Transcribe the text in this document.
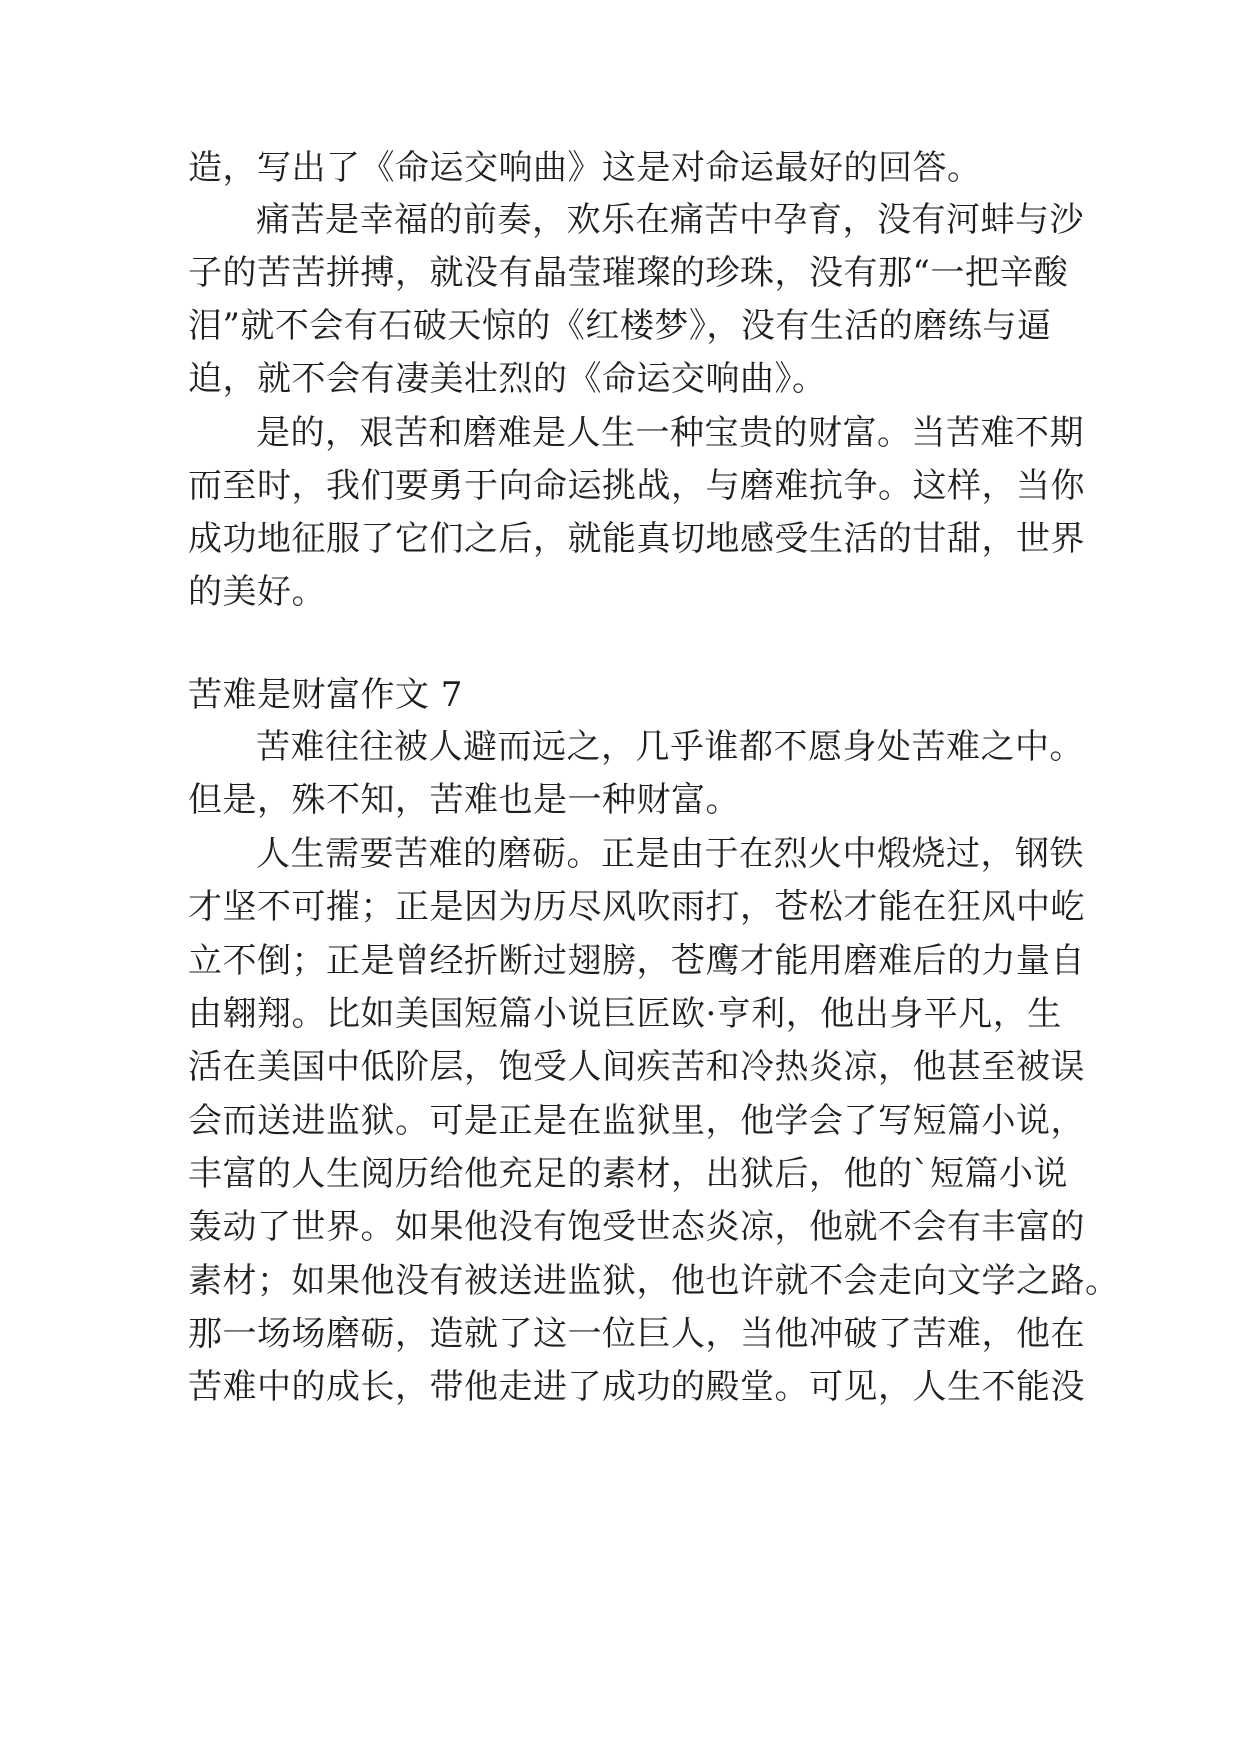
造，写出了《命运交响曲》这是对命运最好的回答。
痛苦是幸福的前奏，欢乐在痛苦中孕育，没有河蚌与沙
子的苦苦拼搏，就没有晶莹璀璨的珍珠，没有那“一把辛酸
泪”就不会有石破天惊的《红楼梦》，没有生活的磨练与逼
迫，就不会有凄美壮烈的《命运交响曲》。
是的，艰苦和磨难是人生一种宝贵的财富。当苦难不期
而至时，我们要勇于向命运挑战，与磨难抗争。这样，当你
成功地征服了它们之后，就能真切地感受生活的甘甜，世界
的美好。
苦难是财富作文 7
苦难往往被人避而远之，几乎谁都不愿身处苦难之中。
但是，殊不知，苦难也是一种财富。
人生需要苦难的磨砺。正是由于在烈火中煅烧过，钢铁
才坚不可摧；正是因为历尽风吹雨打，苍松才能在狂风中屹
立不倒；正是曾经折断过翅膀，苍鹰才能用磨难后的力量自
由翱翔。比如美国短篇小说巨匠欧·亨利，他出身平凡，生
活在美国中低阶层，饱受人间疾苦和冷热炎凉，他甚至被误
会而送进监狱。可是正是在监狱里，他学会了写短篇小说，
丰富的人生阅历给他充足的素材，出狱后，他的`短篇小说
轰动了世界。如果他没有饱受世态炎凉，他就不会有丰富的
素材；如果他没有被送进监狱，他也许就不会走向文学之路。
那一场场磨砺，造就了这一位巨人，当他冲破了苦难，他在
苦难中的成长，带他走进了成功的殿堂。可见，人生不能没
